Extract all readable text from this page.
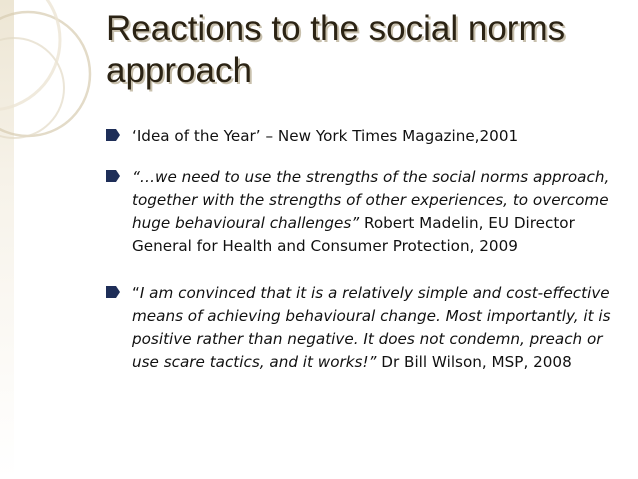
Reactions to the social norms approach
‘Idea of the Year’ – New York Times Magazine,2001
“…we need to use the strengths of the social norms approach, together with the strengths of other experiences, to overcome huge behavioural challenges” Robert Madelin, EU Director General for Health and Consumer Protection, 2009
“I am convinced that it is a relatively simple and cost-effective means of achieving behavioural change. Most importantly, it is positive rather than negative. It does not condemn, preach or use scare tactics, and it works!” Dr Bill Wilson, MSP, 2008
